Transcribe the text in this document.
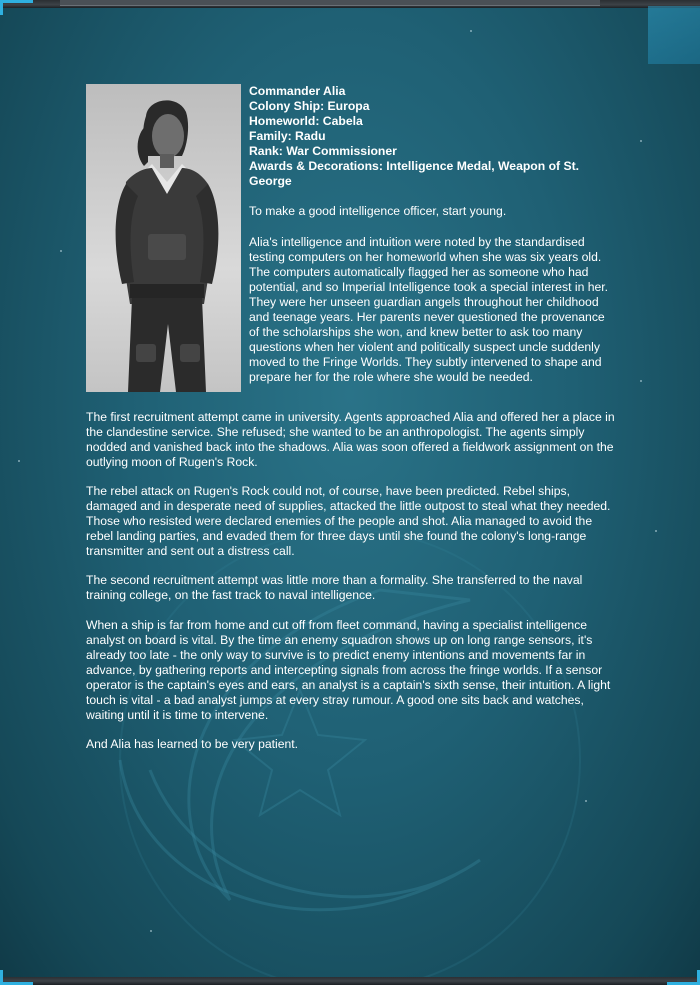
Commander Alia
Colony Ship: Europa
Homeworld: Cabela
Family: Radu
Rank: War Commissioner
Awards & Decorations: Intelligence Medal, Weapon of St. George

To make a good intelligence officer, start young.

Alia's intelligence and intuition were noted by the standardised testing computers on her homeworld when she was six years old. The computers automatically flagged her as someone who had potential, and so Imperial Intelligence took a special interest in her. They were her unseen guardian angels throughout her childhood and teenage years. Her parents never questioned the provenance of the scholarships she won, and knew better to ask too many questions when her violent and politically suspect uncle suddenly moved to the Fringe Worlds. They subtly intervened to shape and prepare her for the role where she would be needed.

The first recruitment attempt came in university. Agents approached Alia and offered her a place in the clandestine service. She refused; she wanted to be an anthropologist. The agents simply nodded and vanished back into the shadows. Alia was soon offered a fieldwork assignment on the outlying moon of Rugen's Rock.

The rebel attack on Rugen's Rock could not, of course, have been predicted. Rebel ships, damaged and in desperate need of supplies, attacked the little outpost to steal what they needed. Those who resisted were declared enemies of the people and shot. Alia managed to avoid the rebel landing parties, and evaded them for three days until she found the colony's long-range transmitter and sent out a distress call.

The second recruitment attempt was little more than a formality. She transferred to the naval training college, on the fast track to naval intelligence.

When a ship is far from home and cut off from fleet command, having a specialist intelligence analyst on board is vital. By the time an enemy squadron shows up on long range sensors, it's already too late - the only way to survive is to predict enemy intentions and movements far in advance, by gathering reports and intercepting signals from across the fringe worlds. If a sensor operator is the captain's eyes and ears, an analyst is a captain's sixth sense, their intuition. A light touch is vital - a bad analyst jumps at every stray rumour. A good one sits back and watches, waiting until it is time to intervene.

And Alia has learned to be very patient.
